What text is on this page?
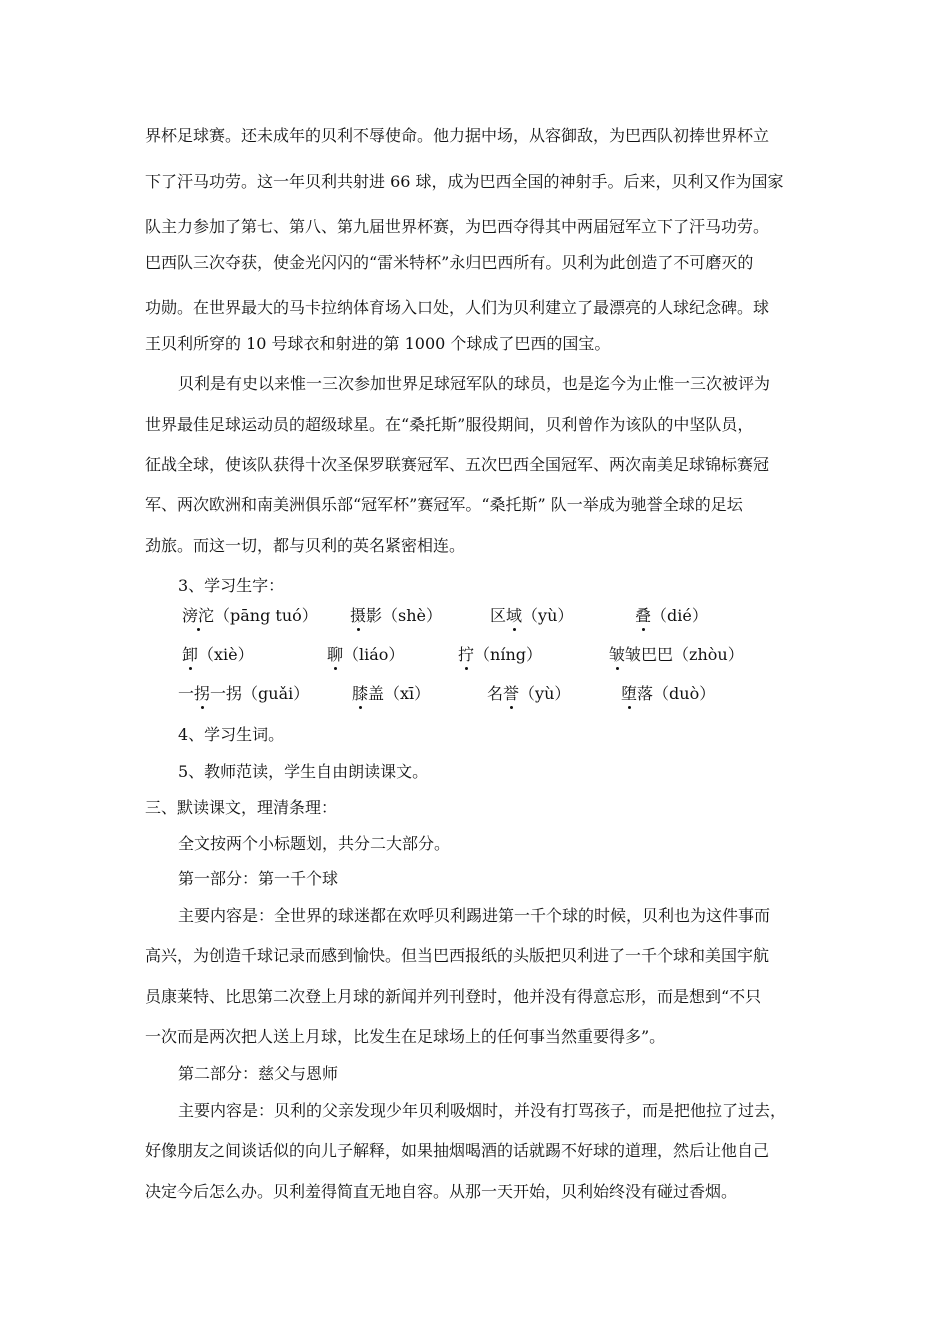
界杯足球赛。还未成年的贝利不辱使命。他力据中场，从容御敌，为巴西队初捧世界杯立
下了汗马功劳。这一年贝利共射进 66 球，成为巴西全国的神射手。后来，贝利又作为国家
队主力参加了第七、第八、第九届世界杯赛，为巴西夺得其中两届冠军立下了汗马功劳。
巴西队三次夺获，使金光闪闪的“雷米特杯”永归巴西所有。贝利为此创造了不可磨灭的
功勋。在世界最大的马卡拉纳体育场入口处，人们为贝利建立了最漂亮的人球纪念碑。球
王贝利所穿的 10 号球衣和射进的第 1000 个球成了巴西的国宝。
贝利是有史以来惟一三次参加世界足球冠军队的球员，也是迄今为止惟一三次被评为
世界最佳足球运动员的超级球星。在“桑托斯”服役期间，贝利曾作为该队的中坚队员，
征战全球，使该队获得十次圣保罗联赛冠军、五次巴西全国冠军、两次南美足球锦标赛冠
军、两次欧洲和南美洲俱乐部“冠军杯”赛冠军。“桑托斯” 队一举成为驰誉全球的足坛
劲旅。而这一切，都与贝利的英名紧密相连。
3、学习生字：
滂沱（pāng tuó） 摄影（shè）	区域（yù）	叠（dié）
卸（xiè）	聊（liáo）	拧（níng）	皱皱巴巴（zhòu）
一拐一拐（guǎi）	膝盖（xī）	名誉（yù）	堕落（duò）
4、学习生词。
5、教师范读，学生自由朗读课文。
三、默读课文，理清条理：
全文按两个小标题划，共分二大部分。
第一部分：第一千个球
主要内容是：全世界的球迷都在欢呼贝利踢进第一千个球的时候，贝利也为这件事而
高兴，为创造千球记录而感到愉快。但当巴西报纸的头版把贝利进了一千个球和美国宇航
员康莱特、比思第二次登上月球的新闻并列刊登时，他并没有得意忘形，而是想到“不只
一次而是两次把人送上月球，比发生在足球场上的任何事当然重要得多”。
第二部分：慈父与恩师
主要内容是：贝利的父亲发现少年贝利吸烟时，并没有打骂孩子，而是把他拉了过去，
好像朋友之间谈话似的向儿子解释，如果抽烟喝酒的话就踢不好球的道理，然后让他自己
决定今后怎么办。贝利羞得简直无地自容。从那一天开始，贝利始终没有碰过香烟。
